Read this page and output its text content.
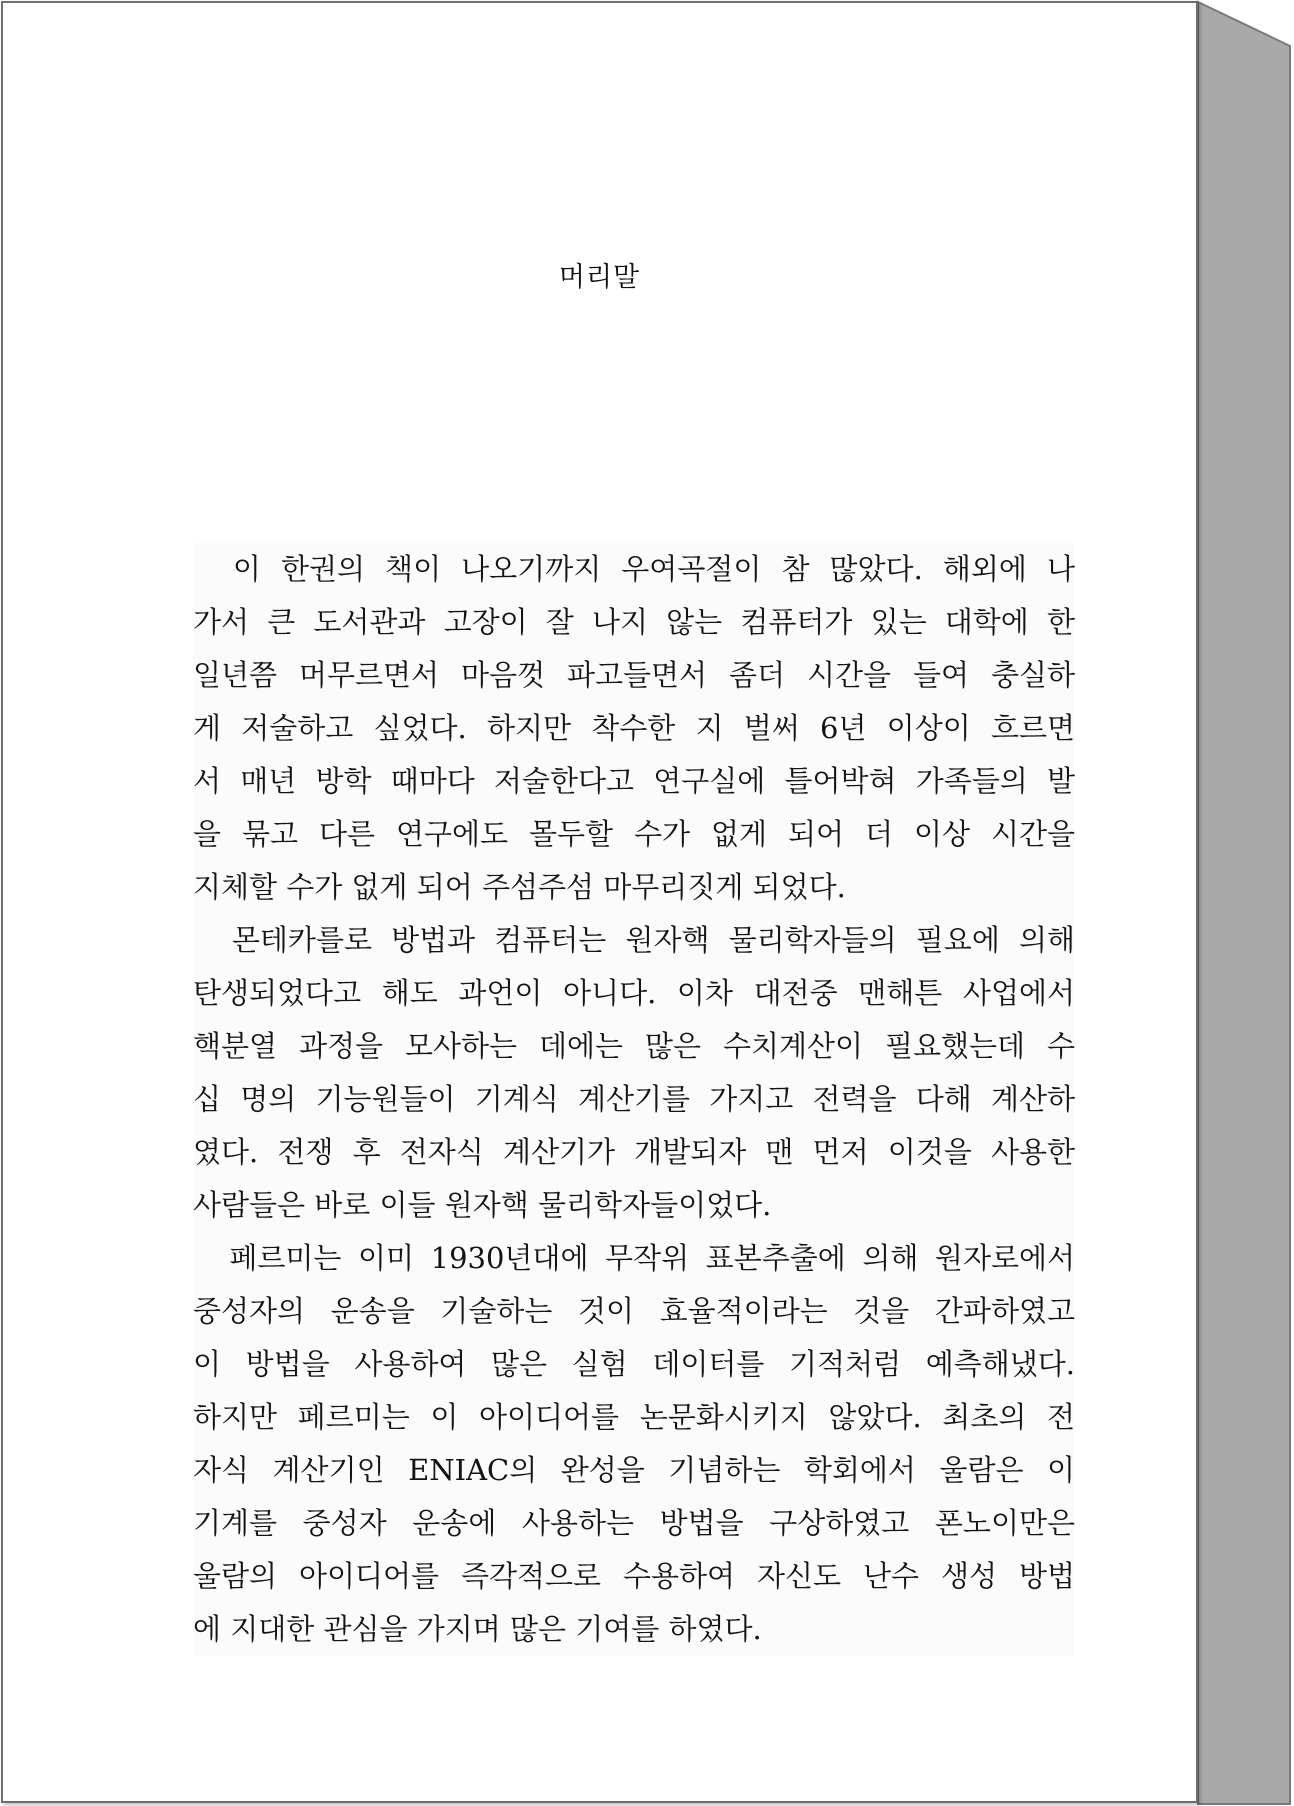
머리말

　이 한권의 책이 나오기까지 우여곡절이 참 많았다. 해외에 나
가서 큰 도서관과 고장이 잘 나지 않는 컴퓨터가 있는 대학에 한
일년쯤 머무르면서 마음껏 파고들면서 좀더 시간을 들여 충실하
게 저술하고 싶었다. 하지만 착수한 지 벌써 6년 이상이 흐르면
서 매년 방학 때마다 저술한다고 연구실에 틀어박혀 가족들의 발
을 묶고 다른 연구에도 몰두할 수가 없게 되어 더 이상 시간을
지체할 수가 없게 되어 주섬주섬 마무리짓게 되었다.

　몬테카를로 방법과 컴퓨터는 원자핵 물리학자들의 필요에 의해
탄생되었다고 해도 과언이 아니다. 이차 대전중 맨해튼 사업에서
핵분열 과정을 모사하는 데에는 많은 수치계산이 필요했는데 수
십 명의 기능원들이 기계식 계산기를 가지고 전력을 다해 계산하
였다. 전쟁 후 전자식 계산기가 개발되자 맨 먼저 이것을 사용한
사람들은 바로 이들 원자핵 물리학자들이었다.

　페르미는 이미 1930년대에 무작위 표본추출에 의해 원자로에서
중성자의 운송을 기술하는 것이 효율적이라는 것을 간파하였고
이 방법을 사용하여 많은 실험 데이터를 기적처럼 예측해냈다.
하지만 페르미는 이 아이디어를 논문화시키지 않았다. 최초의 전
자식 계산기인 ENIAC의 완성을 기념하는 학회에서 울람은 이
기계를 중성자 운송에 사용하는 방법을 구상하였고 폰노이만은
울람의 아이디어를 즉각적으로 수용하여 자신도 난수 생성 방법
에 지대한 관심을 가지며 많은 기여를 하였다.
